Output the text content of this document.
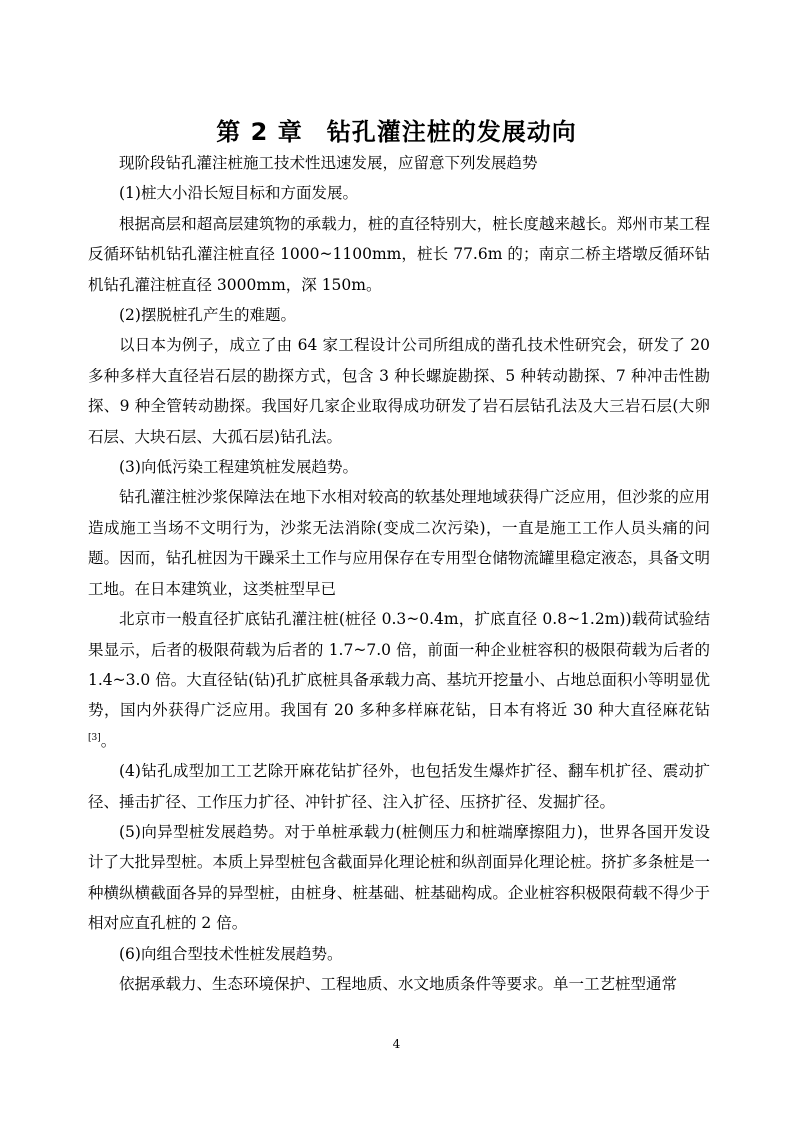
第 2 章 钻孔灌注桩的发展动向

现阶段钻孔灌注桩施工技术性迅速发展，应留意下列发展趋势

(1)桩大小沿长短目标和方面发展。

根据高层和超高层建筑物的承载力，桩的直径特别大，桩长度越来越长。郑州市某工程反循环钻机钻孔灌注桩直径 1000~1100mm，桩长 77.6m 的；南京二桥主塔墩反循环钻机钻孔灌注桩直径 3000mm，深 150m。

(2)摆脱桩孔产生的难题。

以日本为例子，成立了由 64 家工程设计公司所组成的凿孔技术性研究会，研发了 20 多种多样大直径岩石层的勘探方式，包含 3 种长螺旋勘探、5 种转动勘探、7 种冲击性勘探、9 种全管转动勘探。我国好几家企业取得成功研发了岩石层钻孔法及大三岩石层(大卵石层、大块石层、大孤石层)钻孔法。

(3)向低污染工程建筑桩发展趋势。

钻孔灌注桩沙浆保障法在地下水相对较高的软基处理地域获得广泛应用，但沙浆的应用造成施工当场不文明行为，沙浆无法消除(变成二次污染)，一直是施工工作人员头痛的问题。因而，钻孔桩因为干躁采土工作与应用保存在专用型仓储物流罐里稳定液态，具备文明工地。在日本建筑业，这类桩型早已

北京市一般直径扩底钻孔灌注桩(桩径 0.3~0.4m，扩底直径 0.8~1.2m))载荷试验结果显示，后者的极限荷载为后者的 1.7~7.0 倍，前面一种企业桩容积的极限荷载为后者的 1.4~3.0 倍。大直径钻(钻)孔扩底桩具备承载力高、基坑开挖量小、占地总面积小等明显优势，国内外获得广泛应用。我国有 20 多种多样麻花钻，日本有将近 30 种大直径麻花钻[3]。

(4)钻孔成型加工工艺除开麻花钻扩径外，也包括发生爆炸扩径、翻车机扩径、震动扩径、捶击扩径、工作压力扩径、冲针扩径、注入扩径、压挤扩径、发掘扩径。

(5)向异型桩发展趋势。对于单桩承载力(桩侧压力和桩端摩擦阻力)，世界各国开发设计了大批异型桩。本质上异型桩包含截面异化理论桩和纵剖面异化理论桩。挤扩多条桩是一种横纵横截面各异的异型桩，由桩身、桩基础、桩基础构成。企业桩容积极限荷载不得少于相对应直孔桩的 2 倍。

(6)向组合型技术性桩发展趋势。

依据承载力、生态环境保护、工程地质、水文地质条件等要求。单一工艺桩型通常

4
